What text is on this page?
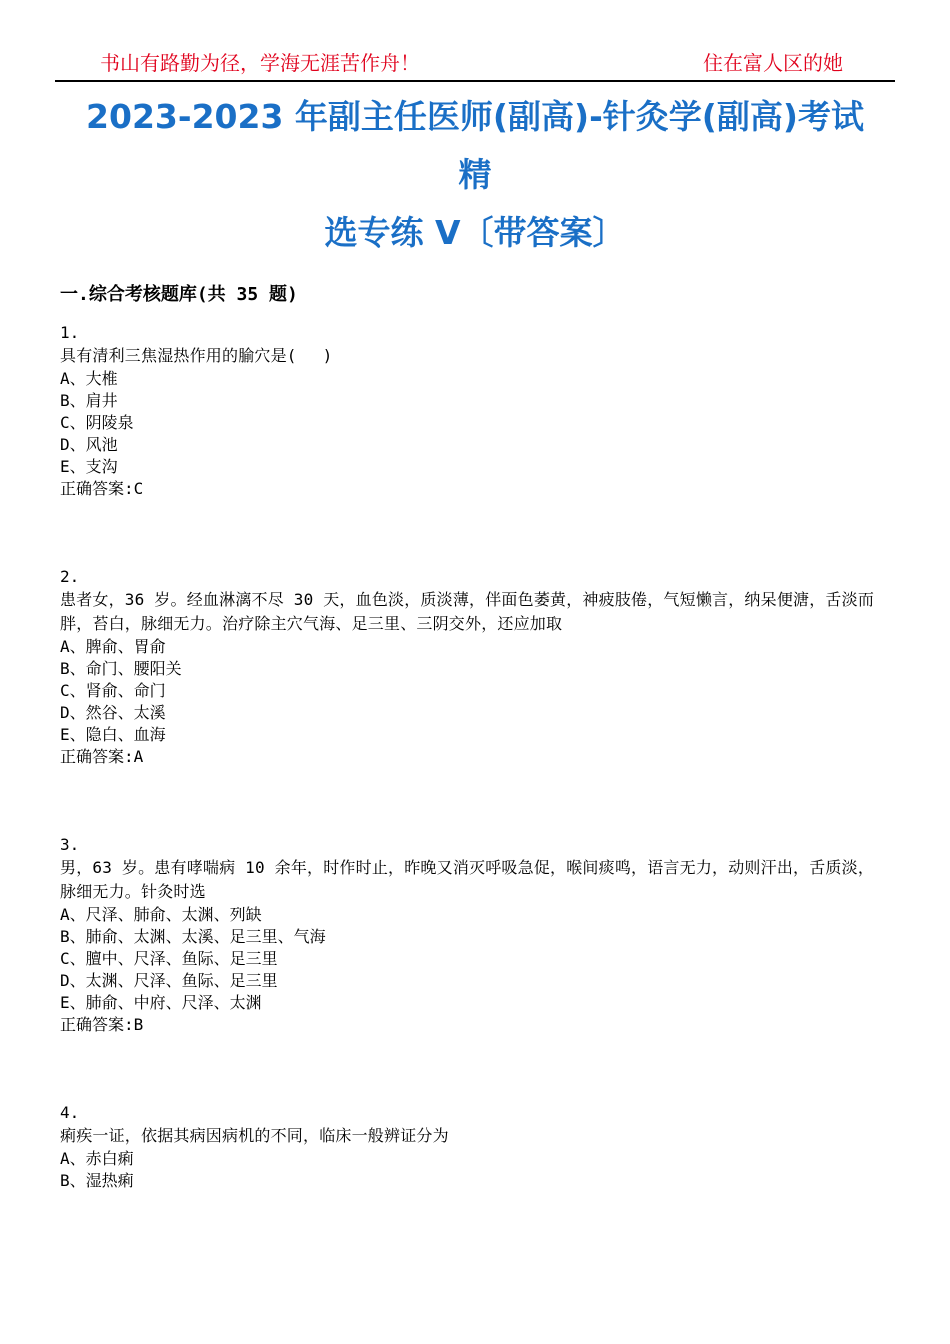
书山有路勤为径，学海无涯苦作舟！	住在富人区的她
2023-2023 年副主任医师(副高)-针灸学(副高)考试
精
选专练 V〔带答案〕
一.综合考核题库(共 35 题)
1.
具有清利三焦湿热作用的腧穴是(　 )
A、大椎
B、肩井
C、阴陵泉
D、风池
E、支沟
正确答案:C
2.
患者女，36 岁。经血淋漓不尽 30 天，血色淡，质淡薄，伴面色萎黄，神疲肢倦，气短懒言，纳呆便溏，舌淡而胖，苔白，脉细无力。治疗除主穴气海、足三里、三阴交外，还应加取
A、脾俞、胃俞
B、命门、腰阳关
C、肾俞、命门
D、然谷、太溪
E、隐白、血海
正确答案:A
3.
男，63 岁。患有哮喘病 10 余年，时作时止，昨晚又消灭呼吸急促，喉间痰鸣，语言无力，动则汗出，舌质淡，脉细无力。针灸时选
A、尺泽、肺俞、太渊、列缺
B、肺俞、太渊、太溪、足三里、气海
C、膻中、尺泽、鱼际、足三里
D、太渊、尺泽、鱼际、足三里
E、肺俞、中府、尺泽、太渊
正确答案:B
4.
痢疾一证，依据其病因病机的不同，临床一般辨证分为
A、赤白痢
B、湿热痢
